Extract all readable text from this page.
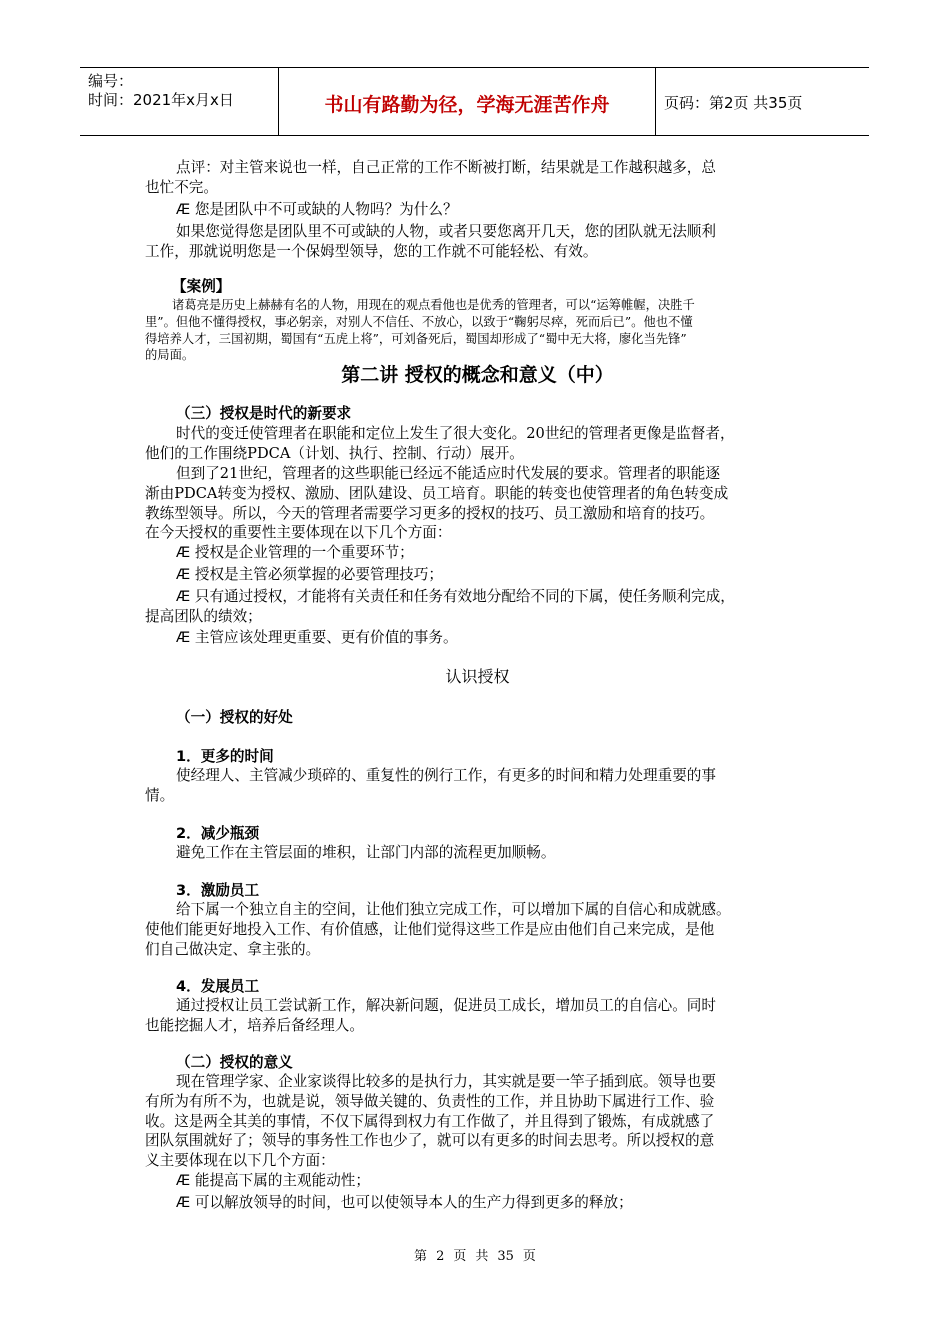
编号：
时间：2021年x月x日	书山有路勤为径，学海无涯苦作舟	页码：第2页 共35页
点评：对主管来说也一样，自己正常的工作不断被打断，结果就是工作越积越多，总
也忙不完。
Æ 您是团队中不可或缺的人物吗？为什么？
如果您觉得您是团队里不可或缺的人物，或者只要您离开几天，您的团队就无法顺利
工作，那就说明您是一个保姆型领导，您的工作就不可能轻松、有效。
【案例】
诸葛亮是历史上赫赫有名的人物，用现在的观点看他也是优秀的管理者，可以“运筹帷幄，决胜千
里”。但他不懂得授权，事必躬亲，对别人不信任、不放心，以致于“鞠躬尽瘁，死而后已”。他也不懂
得培养人才，三国初期，蜀国有“五虎上将”，可刘备死后，蜀国却形成了“蜀中无大将，廖化当先锋”
的局面。
第二讲 授权的概念和意义（中）
（三）授权是时代的新要求
时代的变迁使管理者在职能和定位上发生了很大变化。20世纪的管理者更像是监督者，
他们的工作围绕PDCA（计划、执行、控制、行动）展开。
但到了21世纪，管理者的这些职能已经远不能适应时代发展的要求。管理者的职能逐
渐由PDCA转变为授权、激励、团队建设、员工培育。职能的转变也使管理者的角色转变成
教练型领导。所以，今天的管理者需要学习更多的授权的技巧、员工激励和培育的技巧。
在今天授权的重要性主要体现在以下几个方面：
Æ 授权是企业管理的一个重要环节；
Æ 授权是主管必须掌握的必要管理技巧；
Æ 只有通过授权，才能将有关责任和任务有效地分配给不同的下属，使任务顺利完成，
提高团队的绩效；
Æ 主管应该处理更重要、更有价值的事务。
认识授权
（一）授权的好处
1．更多的时间
使经理人、主管减少琐碎的、重复性的例行工作，有更多的时间和精力处理重要的事
情。
2．减少瓶颈
避免工作在主管层面的堆积，让部门内部的流程更加顺畅。
3．激励员工
给下属一个独立自主的空间，让他们独立完成工作，可以增加下属的自信心和成就感。
使他们能更好地投入工作、有价值感，让他们觉得这些工作是应由他们自己来完成，是他
们自己做决定、拿主张的。
4．发展员工
通过授权让员工尝试新工作，解决新问题，促进员工成长，增加员工的自信心。同时
也能挖掘人才，培养后备经理人。
（二）授权的意义
现在管理学家、企业家谈得比较多的是执行力，其实就是要一竿子插到底。领导也要
有所为有所不为，也就是说，领导做关键的、负责性的工作，并且协助下属进行工作、验
收。这是两全其美的事情，不仅下属得到权力有工作做了，并且得到了锻炼，有成就感了
团队氛围就好了；领导的事务性工作也少了，就可以有更多的时间去思考。所以授权的意
义主要体现在以下几个方面：
Æ 能提高下属的主观能动性；
Æ 可以解放领导的时间，也可以使领导本人的生产力得到更多的释放；
第 2 页 共 35 页
